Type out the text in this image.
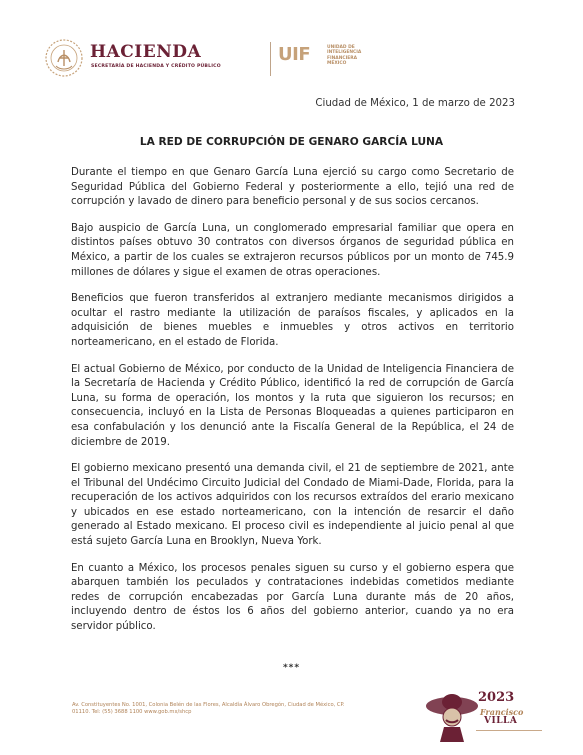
HACIENDA
SECRETARÍA DE HACIENDA Y CRÉDITO PÚBLICO
UIF	UNIDAD DE
INTELIGENCIA
FINANCIERA
MÉXICO
Ciudad de México, 1 de marzo de 2023
LA RED DE CORRUPCIÓN DE GENARO GARCÍA LUNA

Durante el tiempo en que Genaro García Luna ejerció su cargo como Secretario de Seguridad Pública del Gobierno Federal y posteriormente a ello, tejió una red de corrupción y lavado de dinero para beneficio personal y de sus socios cercanos.

Bajo auspicio de García Luna, un conglomerado empresarial familiar que opera en distintos países obtuvo 30 contratos con diversos órganos de seguridad pública en México, a partir de los cuales se extrajeron recursos públicos por un monto de 745.9 millones de dólares y sigue el examen de otras operaciones.

Beneficios que fueron transferidos al extranjero mediante mecanismos dirigidos a ocultar el rastro mediante la utilización de paraísos fiscales, y aplicados en la adquisición de bienes muebles e inmuebles y otros activos en territorio norteamericano, en el estado de Florida.

El actual Gobierno de México, por conducto de la Unidad de Inteligencia Financiera de la Secretaría de Hacienda y Crédito Público, identificó la red de corrupción de García Luna, su forma de operación, los montos y la ruta que siguieron los recursos; en consecuencia, incluyó en la Lista de Personas Bloqueadas a quienes participaron en esa confabulación y los denunció ante la Fiscalía General de la República, el 24 de diciembre de 2019.

El gobierno mexicano presentó una demanda civil, el 21 de septiembre de 2021, ante el Tribunal del Undécimo Circuito Judicial del Condado de Miami-Dade, Florida, para la recuperación de los activos adquiridos con los recursos extraídos del erario mexicano y ubicados en ese estado norteamericano, con la intención de resarcir el daño generado al Estado mexicano. El proceso civil es independiente al juicio penal al que está sujeto García Luna en Brooklyn, Nueva York.

En cuanto a México, los procesos penales siguen su curso y el gobierno espera que abarquen también los peculados y contrataciones indebidas cometidos mediante redes de corrupción encabezadas por García Luna durante más de 20 años, incluyendo dentro de éstos los 6 años del gobierno anterior, cuando ya no era servidor público.

***
Av. Constituyentes No. 1001, Colonia Belén de las Flores, Alcaldía Álvaro Obregón, Ciudad de México, CP.
01110. Tel: (55) 3688 1100 www.gob.mx/shcp
2023
Francisco
VILLA
